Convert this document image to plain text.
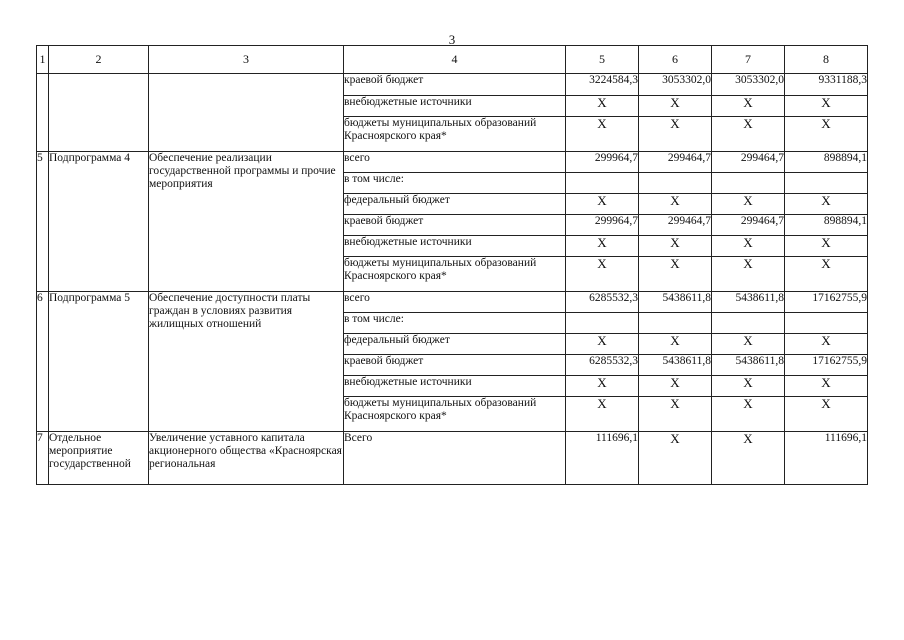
3
1	2	3	4	5	6	7	8
			краевой бюджет	3224584,3	3053302,0	3053302,0	9331188,3
			внебюджетные источники	X	X	X	X
			бюджеты муниципальных образований Красноярского края*	X	X	X	X
5	Подпрограмма 4	Обеспечение реализации государственной программы и прочие мероприятия	всего	299964,7	299464,7	299464,7	898894,1
			в том числе:				
			федеральный бюджет	X	X	X	X
			краевой бюджет	299964,7	299464,7	299464,7	898894,1
			внебюджетные источники	X	X	X	X
			бюджеты муниципальных образований Красноярского края*	X	X	X	X
6	Подпрограмма 5	Обеспечение доступности платы граждан в условиях развития жилищных отношений	всего	6285532,3	5438611,8	5438611,8	17162755,9
			в том числе:				
			федеральный бюджет	X	X	X	X
			краевой бюджет	6285532,3	5438611,8	5438611,8	17162755,9
			внебюджетные источники	X	X	X	X
			бюджеты муниципальных образований Красноярского края*	X	X	X	X
7	Отдельное мероприятие государственной	Увеличение уставного капитала акционерного общества «Красноярская региональная	Всего	111696,1	X	X	111696,1
